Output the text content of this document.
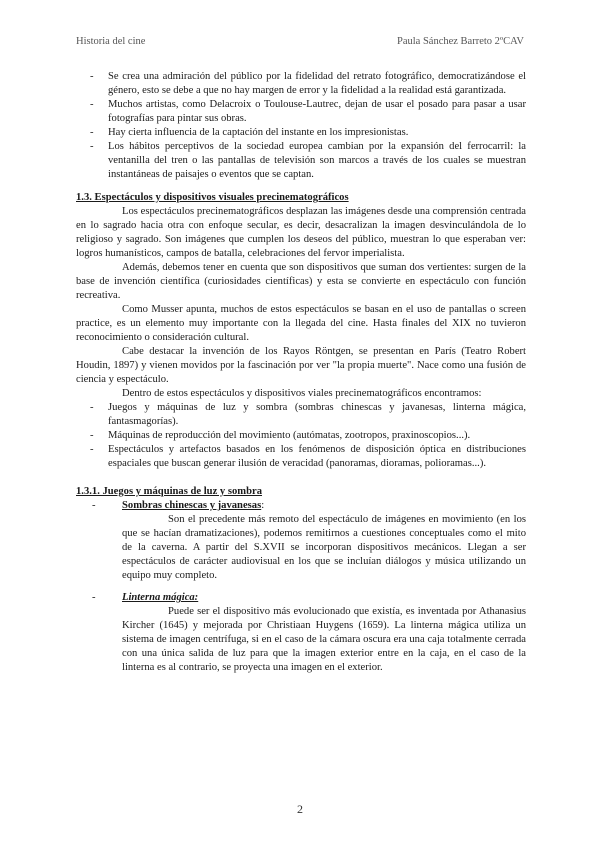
Historia del cine	Paula Sánchez Barreto 2ºCAV
- Se crea una admiración del público por la fidelidad del retrato fotográfico, democratizándose el género, esto se debe a que no hay margen de error y la fidelidad a la realidad está garantizada.
- Muchos artistas, como Delacroix o Toulouse-Lautrec, dejan de usar el posado para pasar a usar fotografías para pintar sus obras.
- Hay cierta influencia de la captación del instante en los impresionistas.
- Los hábitos perceptivos de la sociedad europea cambian por la expansión del ferrocarril: la ventanilla del tren o las pantallas de televisión son marcos a través de los cuales se muestran instantáneas de paisajes o eventos que se captan.
1.3. Espectáculos y dispositivos visuales precinematográficos

Los espectáculos precinematográficos desplazan las imágenes desde una comprensión centrada en lo sagrado hacia otra con enfoque secular, es decir, desacralizan la imagen desvinculándola de lo religioso y sagrado. Son imágenes que cumplen los deseos del público, muestran lo que esperaban ver: logros humanísticos, campos de batalla, celebraciones del fervor imperialista.

Además, debemos tener en cuenta que son dispositivos que suman dos vertientes: surgen de la base de invención científica (curiosidades científicas) y esta se convierte en espectáculo con función recreativa.

Como Musser apunta, muchos de estos espectáculos se basan en el uso de pantallas o screen practice, es un elemento muy importante con la llegada del cine. Hasta finales del XIX no tuvieron reconocimiento o consideración cultural.

Cabe destacar la invención de los Rayos Röntgen, se presentan en París (Teatro Robert Houdin, 1897) y vienen movidos por la fascinación por ver "la propia muerte". Nace como una fusión de ciencia y espectáculo.

Dentro de estos espectáculos y dispositivos viales precinematográficos encontramos:

- Juegos y máquinas de luz y sombra (sombras chinescas y javanesas, linterna mágica, fantasmagorías).
- Máquinas de reproducción del movimiento (autómatas, zootropos, praxinoscopios...).
- Espectáculos y artefactos basados en los fenómenos de disposición óptica en distribuciones espaciales que buscan generar ilusión de veracidad (panoramas, dioramas, polioramas...).
1.3.1. Juegos y máquinas de luz y sombra
- Sombras chinescas y javanesas:

Son el precedente más remoto del espectáculo de imágenes en movimiento (en los que se hacían dramatizaciones), podemos remitirnos a cuestiones conceptuales como el mito de la caverna. A partir del S.XVII se incorporan dispositivos mecánicos. Llegan a ser espectáculos de carácter audiovisual en los que se incluían diálogos y música utilizando un equipo muy completo.

- Linterna mágica:

Puede ser el dispositivo más evolucionado que existía, es inventada por Athanasius Kircher (1645) y mejorada por Christiaan Huygens (1659). La linterna mágica utiliza un sistema de imagen centrífuga, si en el caso de la cámara oscura era una caja totalmente cerrada con una única salida de luz para que la imagen exterior entre en la caja, en el caso de la linterna es al contrario, se proyecta una imagen en el exterior.

2
